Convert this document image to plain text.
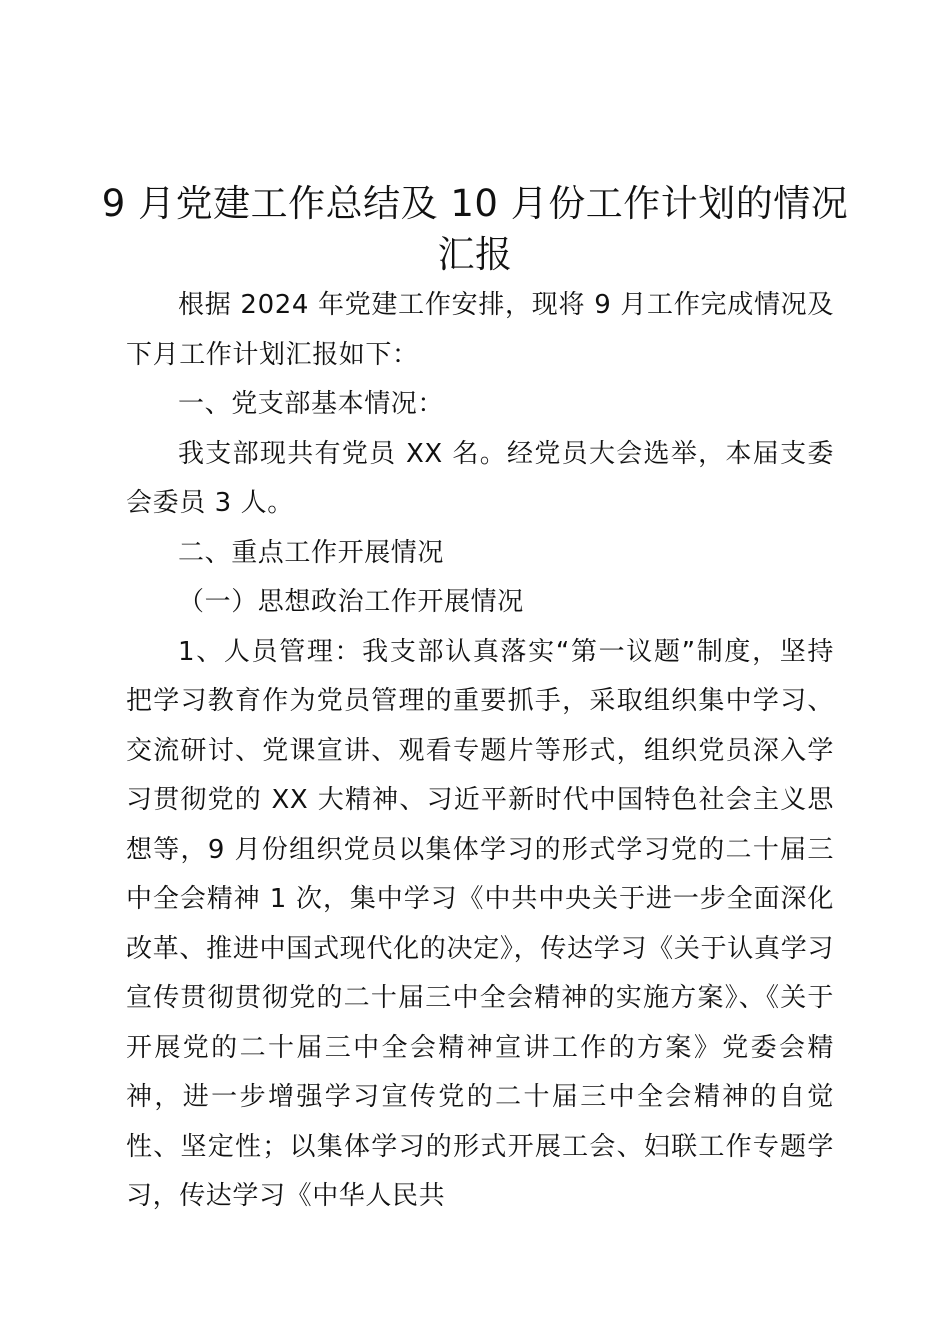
9 月党建工作总结及 10 月份工作计划的情况汇报

根据 2024 年党建工作安排，现将 9 月工作完成情况及下月工作计划汇报如下：

一、党支部基本情况：

我支部现共有党员 XX 名。经党员大会选举，本届支委会委员 3 人。

二、重点工作开展情况

（一）思想政治工作开展情况

1、人员管理：我支部认真落实“第一议题”制度，坚持把学习教育作为党员管理的重要抓手，采取组织集中学习、交流研讨、党课宣讲、观看专题片等形式，组织党员深入学习贯彻党的 XX 大精神、习近平新时代中国特色社会主义思想等，9 月份组织党员以集体学习的形式学习党的二十届三中全会精神 1 次，集中学习《中共中央关于进一步全面深化改革、推进中国式现代化的决定》，传达学习《关于认真学习宣传贯彻贯彻党的二十届三中全会精神的实施方案》、《关于开展党的二十届三中全会精神宣讲工作的方案》党委会精神，进一步增强学习宣传党的二十届三中全会精神的自觉性、坚定性；以集体学习的形式开展工会、妇联工作专题学习，传达学习《中华人民共
